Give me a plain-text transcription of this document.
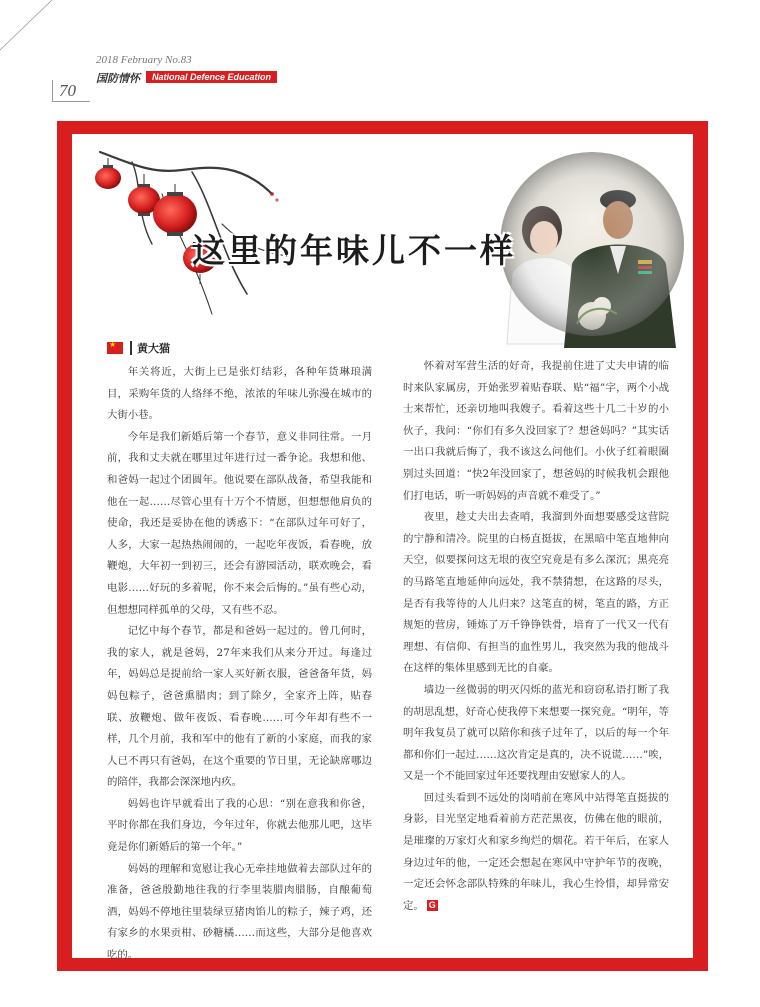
70
2018 February No.83
国防情怀	National Defence Education
这里的年味儿不一样
★
黄大猫

年关将近，大街上已是张灯结彩，各种年货琳琅满目，采购年货的人络绎不绝，浓浓的年味儿弥漫在城市的大街小巷。

今年是我们新婚后第一个春节，意义非同往常。一月前，我和丈夫就在哪里过年进行过一番争论。我想和他、和爸妈一起过个团圆年。他说要在部队战备，希望我能和他在一起……尽管心里有十万个不情愿，但想想他肩负的使命，我还是妥协在他的诱惑下：“在部队过年可好了，人多，大家一起热热闹闹的，一起吃年夜饭，看春晚，放鞭炮，大年初一到初三，还会有游园活动，联欢晚会，看电影……好玩的多着呢，你不来会后悔的。”虽有些心动，但想想同样孤单的父母，又有些不忍。

记忆中每个春节，都是和爸妈一起过的。曾几何时，我的家人，就是爸妈，27年来我们从来分开过。每逢过年，妈妈总是提前给一家人买好新衣服，爸爸备年货，妈妈包粽子，爸爸熏腊肉；到了除夕，全家齐上阵，贴春联、放鞭炮、做年夜饭、看春晚……可今年却有些不一样，几个月前，我和军中的他有了新的小家庭，而我的家人已不再只有爸妈，在这个重要的节日里，无论缺席哪边的陪伴，我都会深深地内疚。

妈妈也许早就看出了我的心思：“别在意我和你爸，平时你都在我们身边，今年过年，你就去他那儿吧，这毕竟是你们新婚后的第一个年。”

妈妈的理解和宽慰让我心无牵挂地做着去部队过年的准备，爸爸殷勤地往我的行李里装腊肉腊肠，自酿葡萄酒，妈妈不停地往里装绿豆猪肉馅儿的粽子，辣子鸡，还有家乡的水果贡柑、砂糖橘……而这些，大部分是他喜欢吃的。

怀着对军营生活的好奇，我提前住进了丈夫申请的临时来队家属房，开始张罗着贴春联、贴“福”字，两个小战士来帮忙，还亲切地叫我嫂子。看着这些十几二十岁的小伙子，我问：“你们有多久没回家了？想爸妈吗？”其实话一出口我就后悔了，我不该这么问他们。小伙子红着眼圈别过头回道：“快2年没回家了，想爸妈的时候我机会跟他们打电话，听一听妈妈的声音就不难受了。”

夜里，趁丈夫出去查哨，我溜到外面想要感受这营院的宁静和清冷。院里的白杨直挺拔，在黑暗中笔直地伸向天空，似要探问这无垠的夜空究竟是有多么深沉；黑亮亮的马路笔直地延伸向远处，我不禁猜想，在这路的尽头，是否有我等待的人儿归来？这笔直的树，笔直的路，方正规矩的营房，锤炼了万千铮铮铁骨，培育了一代又一代有理想、有信仰、有担当的血性男儿，我突然为我的他战斗在这样的集体里感到无比的自豪。

墙边一丝微弱的明灭闪烁的蓝光和窃窃私语打断了我的胡思乱想，好奇心使我停下来想要一探究竟。“明年，等明年我复员了就可以陪你和孩子过年了，以后的每一个年都和你们一起过……这次肯定是真的，决不说谎……”唉，又是一个不能回家过年还要找理由安慰家人的人。

回过头看到不远处的岗哨前在寒风中站得笔直挺拔的身影，目光坚定地看着前方茫茫黑夜，仿佛在他的眼前，是璀璨的万家灯火和家乡绚烂的烟花。若干年后，在家人身边过年的他，一定还会想起在寒风中守护年节的夜晚，一定还会怀念部队特殊的年味儿，我心生怜惜，却异常安定。 G
